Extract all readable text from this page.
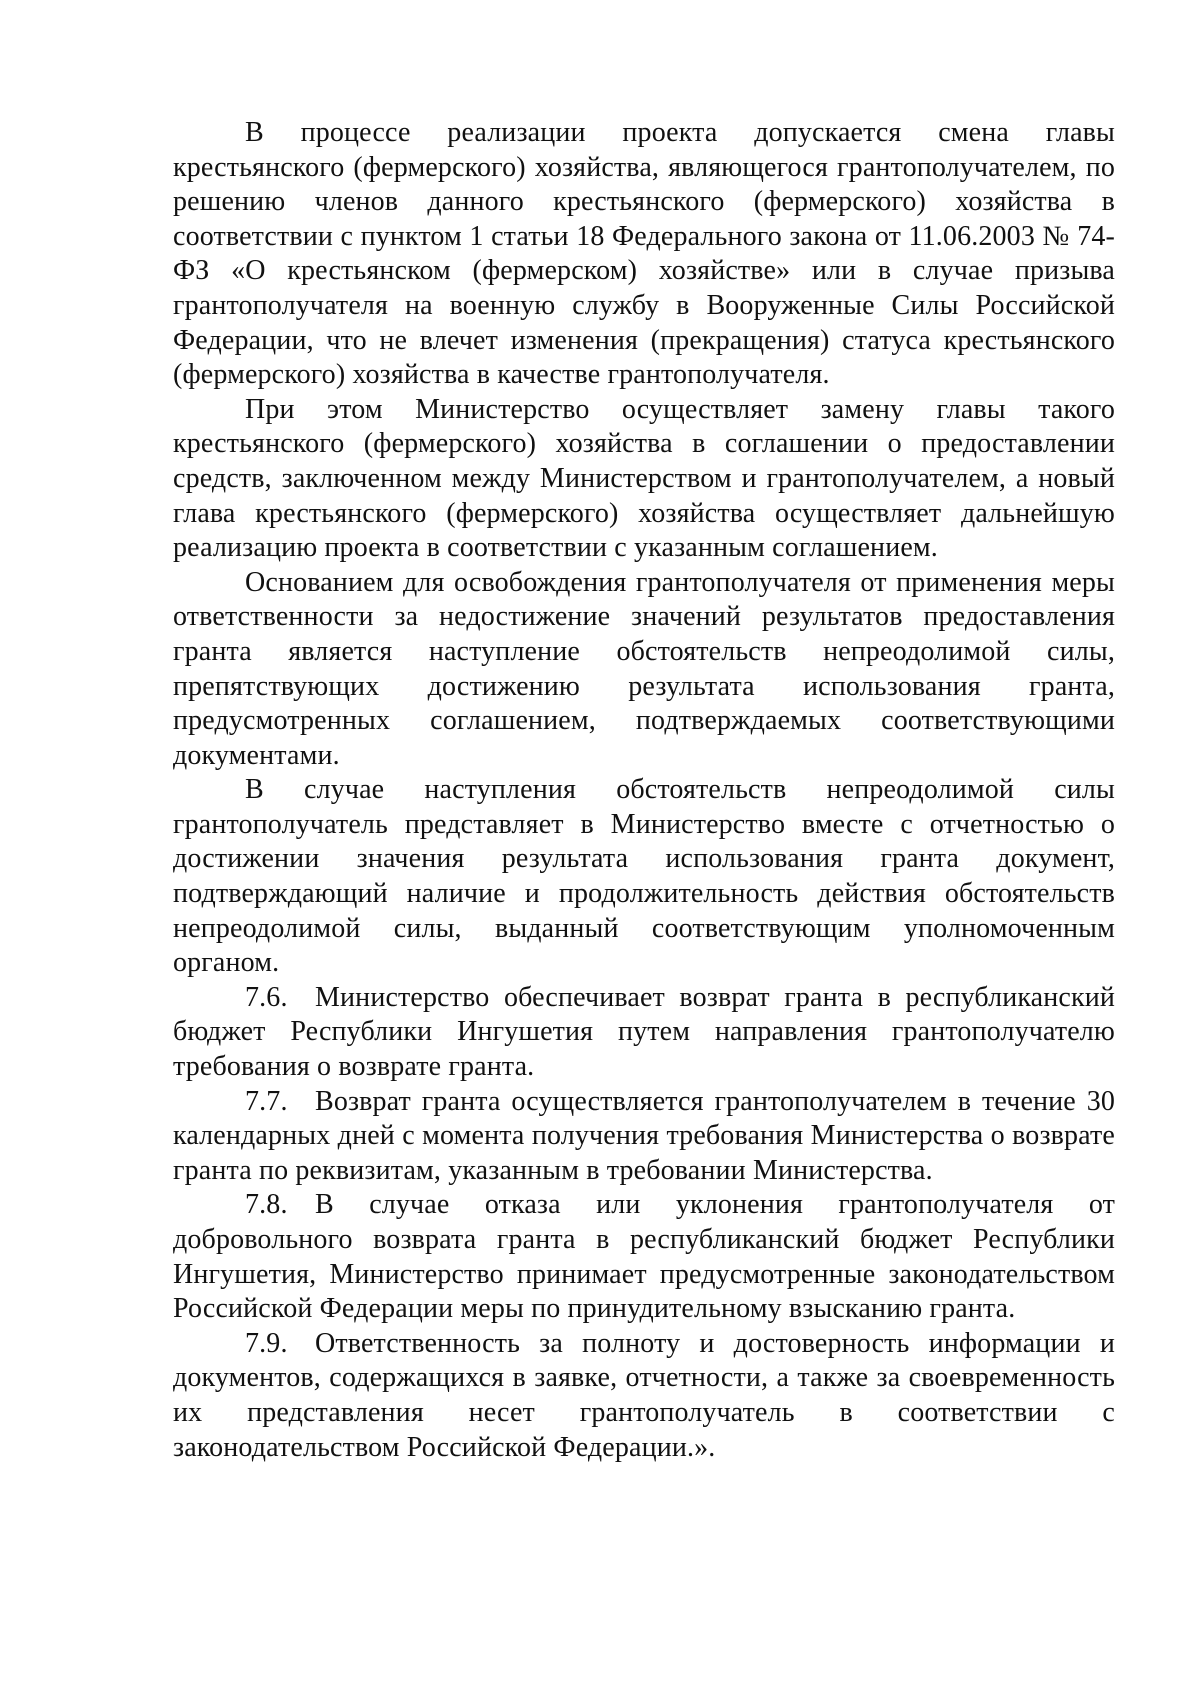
В процессе реализации проекта допускается смена главы крестьянского (фермерского) хозяйства, являющегося грантополучателем, по решению членов данного крестьянского (фермерского) хозяйства в соответствии с пунктом 1 статьи 18 Федерального закона от 11.06.2003 № 74-ФЗ «О крестьянском (фермерском) хозяйстве» или в случае призыва грантополучателя на военную службу в Вооруженные Силы Российской Федерации, что не влечет изменения (прекращения) статуса крестьянского (фермерского) хозяйства в качестве грантополучателя.

При этом Министерство осуществляет замену главы такого крестьянского (фермерского) хозяйства в соглашении о предоставлении средств, заключенном между Министерством и грантополучателем, а новый глава крестьянского (фермерского) хозяйства осуществляет дальнейшую реализацию проекта в соответствии с указанным соглашением.

Основанием для освобождения грантополучателя от применения меры ответственности за недостижение значений результатов предоставления гранта является наступление обстоятельств непреодолимой силы, препятствующих достижению результата использования гранта, предусмотренных соглашением, подтверждаемых соответствующими документами.

В случае наступления обстоятельств непреодолимой силы грантополучатель представляет в Министерство вместе с отчетностью о достижении значения результата использования гранта документ, подтверждающий наличие и продолжительность действия обстоятельств непреодолимой силы, выданный соответствующим уполномоченным органом.

7.6. Министерство обеспечивает возврат гранта в республиканский бюджет Республики Ингушетия путем направления грантополучателю требования о возврате гранта.

7.7. Возврат гранта осуществляется грантополучателем в течение 30 календарных дней с момента получения требования Министерства о возврате гранта по реквизитам, указанным в требовании Министерства.

7.8. В случае отказа или уклонения грантополучателя от добровольного возврата гранта в республиканский бюджет Республики Ингушетия, Министерство принимает предусмотренные законодательством Российской Федерации меры по принудительному взысканию гранта.

7.9. Ответственность за полноту и достоверность информации и документов, содержащихся в заявке, отчетности, а также за своевременность их представления несет грантополучатель в соответствии с законодательством Российской Федерации.».
